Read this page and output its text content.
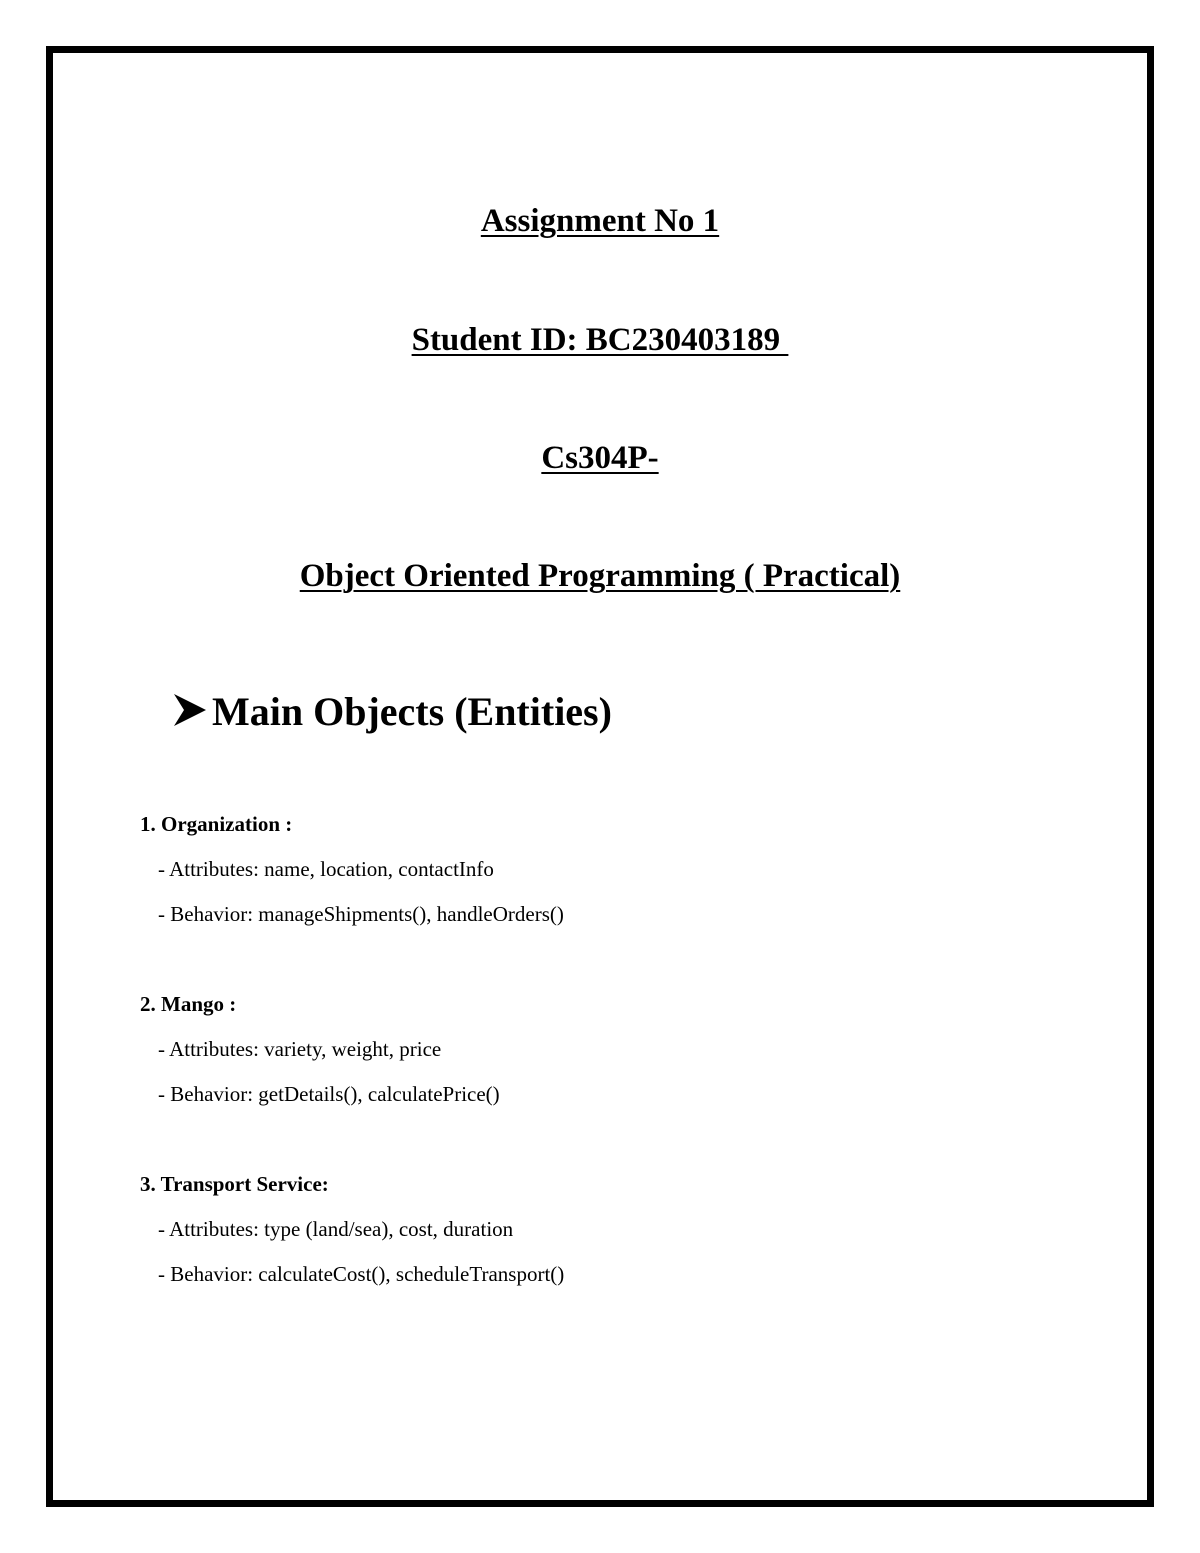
Assignment No 1
Student ID: BC230403189
Cs304P-
Object Oriented Programming ( Practical)
Main Objects (Entities)
1. Organization :
- Attributes: name, location, contactInfo
- Behavior: manageShipments(), handleOrders()
2. Mango :
- Attributes: variety, weight, price
- Behavior: getDetails(), calculatePrice()
3. Transport Service:
- Attributes: type (land/sea), cost, duration
- Behavior: calculateCost(), scheduleTransport()
